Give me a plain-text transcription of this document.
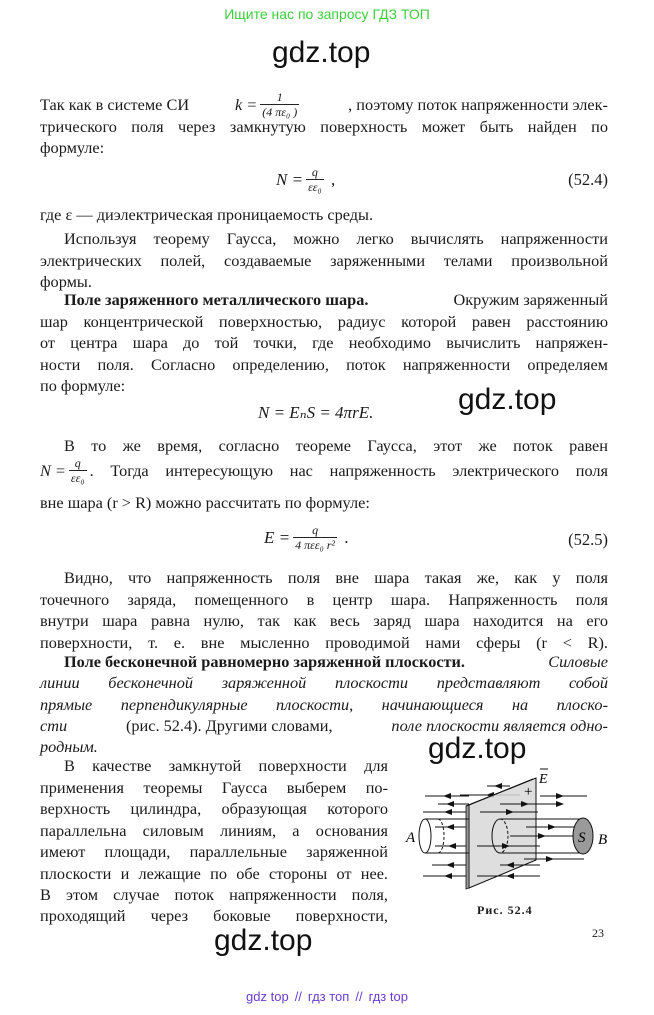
Ищите нас по запросу ГДЗ ТОП
gdz.top
gdz.top
gdz.top
gdz.top
Так как в системе СИ	$k = \frac{1}{\text{(4 πε₀ )}}$	, поэтому поток напряженности элек-
трического поля через замкнутую поверхность может быть найден по
формуле:
$N = \frac{q}{\text{εε₀}}$ ,	(52.4)
где ε — диэлектрическая проницаемость среды.
Используя теорему Гаусса, можно легко вычислять напряженности
электрических полей, создаваемые заряженными телами произвольной
формы.
Поле заряженного металлического шара.	Окружим заряженный
шар концентрической поверхностью, радиус которой равен расстоянию
от центра шара до той точки, где необходимо вычислить напряжен-
ности поля. Согласно определению, поток напряженности определяем
по формуле:
N = EₙS = 4πrE.
В то же время, согласно теореме Гаусса, этот же поток равен
$N = \frac{q}{\text{εε₀}}$ . Тогда интересующую нас напряженность электрического поля
вне шара (r > R) можно рассчитать по формуле:
$E = \frac{q}{\text{4 πεε₀ r²}}$ .	(52.5)
Видно, что напряженность поля вне шара такая же, как у поля
точечного заряда, помещенного в центр шара. Напряженность поля
внутри шара равна нулю, так как весь заряд шара находится на его
поверхности, т. е. вне мысленно проводимой нами сферы (r < R).
Поле бесконечной равномерно заряженной плоскости.	Силовые
линии бесконечной заряженной плоскости представляют собой
прямые перпендикулярные плоскости, начинающиеся на плоско-
сти	(рис. 52.4). Другими словами,	поле плоскости является одно-
родным.
В качестве замкнутой поверхности для
применения теоремы Гаусса выберем по-
верхность цилиндра, образующая которого
параллельна силовым линиям, а основания
имеют площади, параллельные заряженной
плоскости и лежащие по обе стороны от нее.
В этом случае поток напряженности поля,
проходящий через боковые поверхности,
S
A	B
E
+
Рис. 52.4
23
gdz top // гдз топ // гдз top
